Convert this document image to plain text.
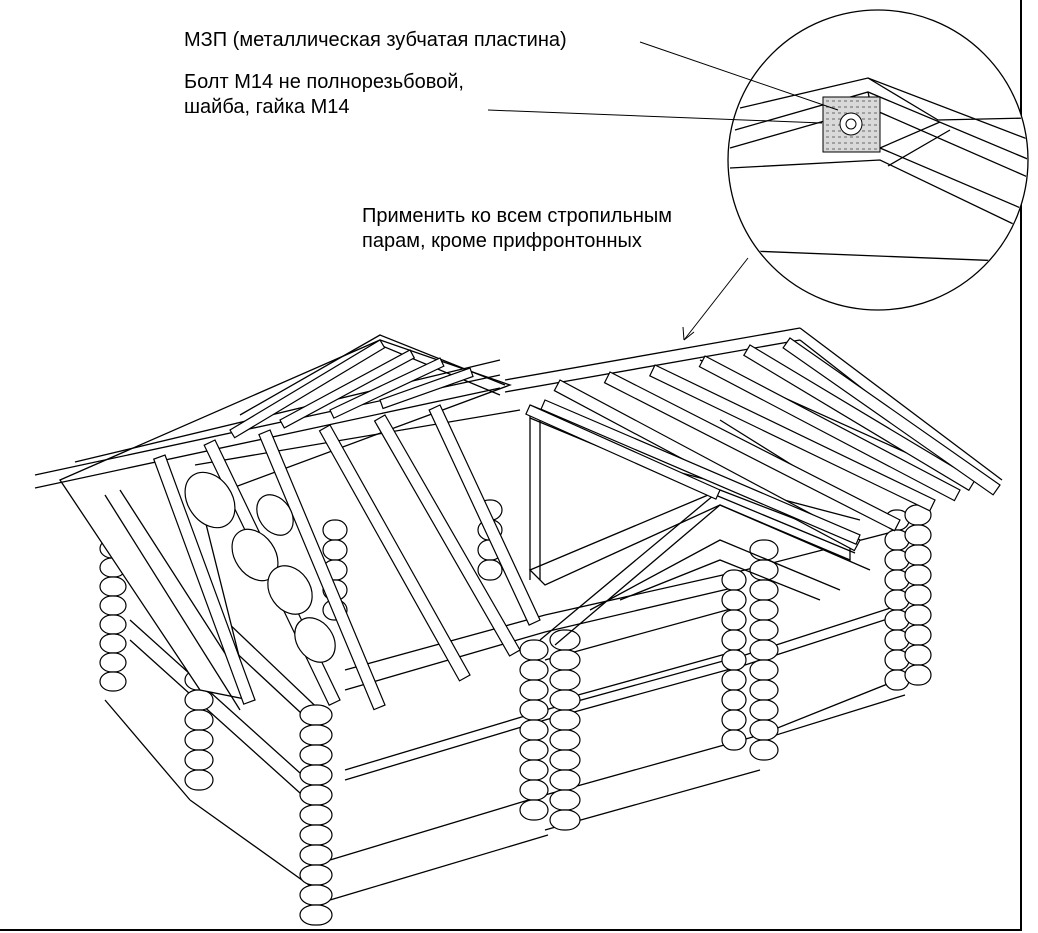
МЗП (металлическая зубчатая пластина)
Болт М14 не полнорезьбовой,
шайба, гайка М14
Применить ко всем стропильным
парам, кроме прифронтонных
